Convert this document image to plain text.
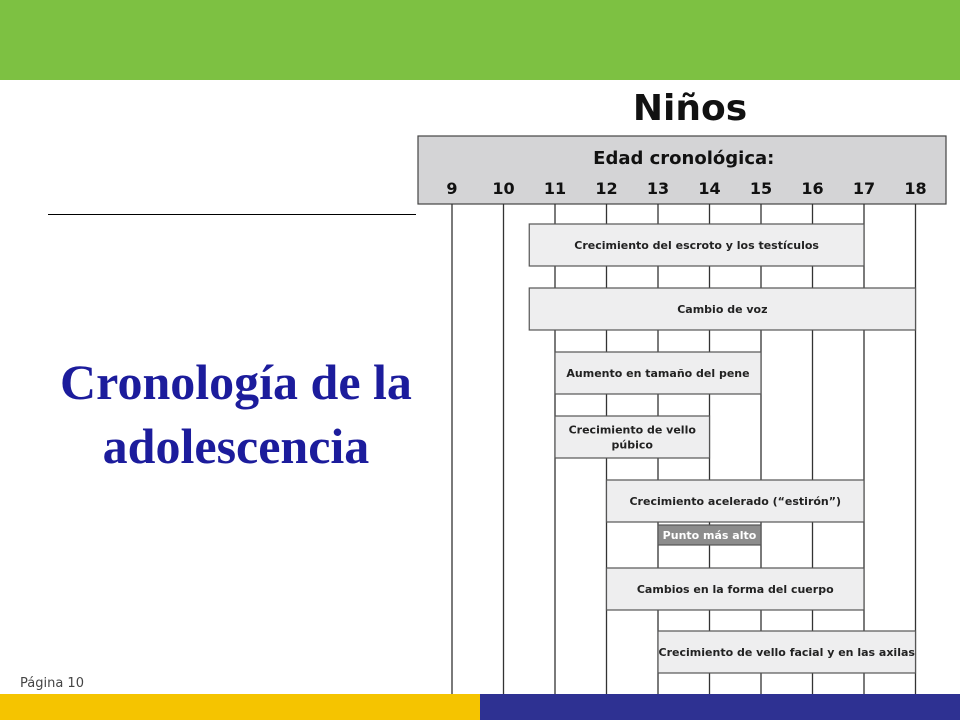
Niños
Cronología de la adolescencia
Edad cronológica:
9 10 11 12 13 14 15 16 17 18
Crecimiento del escroto y los testículos
Cambio de voz
Aumento en tamaño del pene
Crecimiento de vello
púbico
Crecimiento acelerado (“estirón”)
Punto más alto
Cambios en la forma del cuerpo
Crecimiento de vello facial y en las axilas
Página 10
